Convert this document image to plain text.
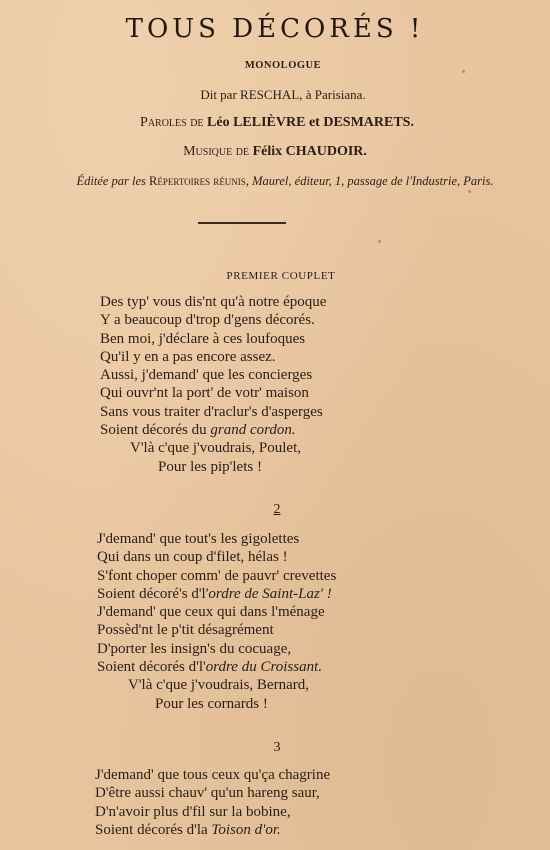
TOUS DÉCORÉS !
MONOLOGUE
Dit par RESCHAL, à Parisiana.
Paroles de Léo LELIÈVRE et DESMARETS.
Musique de Félix CHAUDOIR.
Éditée par les Répertoires réunis, Maurel, éditeur, 1, passage de l'Industrie, Paris.
PREMIER COUPLET
Des typ' vous dis'nt qu'à notre époque
Y a beaucoup d'trop d'gens décorés.
Ben moi, j'déclare à ces loufoques
Qu'il y en a pas encore assez.
Aussi, j'demand' que les concierges
Qui ouvr'nt la port' de votr' maison
Sans vous traiter d'raclur's d'asperges
Soient décorés du grand cordon.
V'là c'que j'voudrais, Poulet,
Pour les pip'lets !
2
J'demand' que tout's les gigolettes
Qui dans un coup d'filet, hélas !
S'font choper comm' de pauvr' crevettes
Soient décoré's d'l'ordre de Saint-Laz' !
J'demand' que ceux qui dans l'ménage
Possèd'nt le p'tit désagrément
D'porter les insign's du cocuage,
Soient décorés d'l'ordre du Croissant.
V'là c'que j'voudrais, Bernard,
Pour les cornards !
3
J'demand' que tous ceux qu'ça chagrine
D'être aussi chauv' qu'un hareng saur,
D'n'avoir plus d'fil sur la bobine,
Soient décorés d'la Toison d'or.
